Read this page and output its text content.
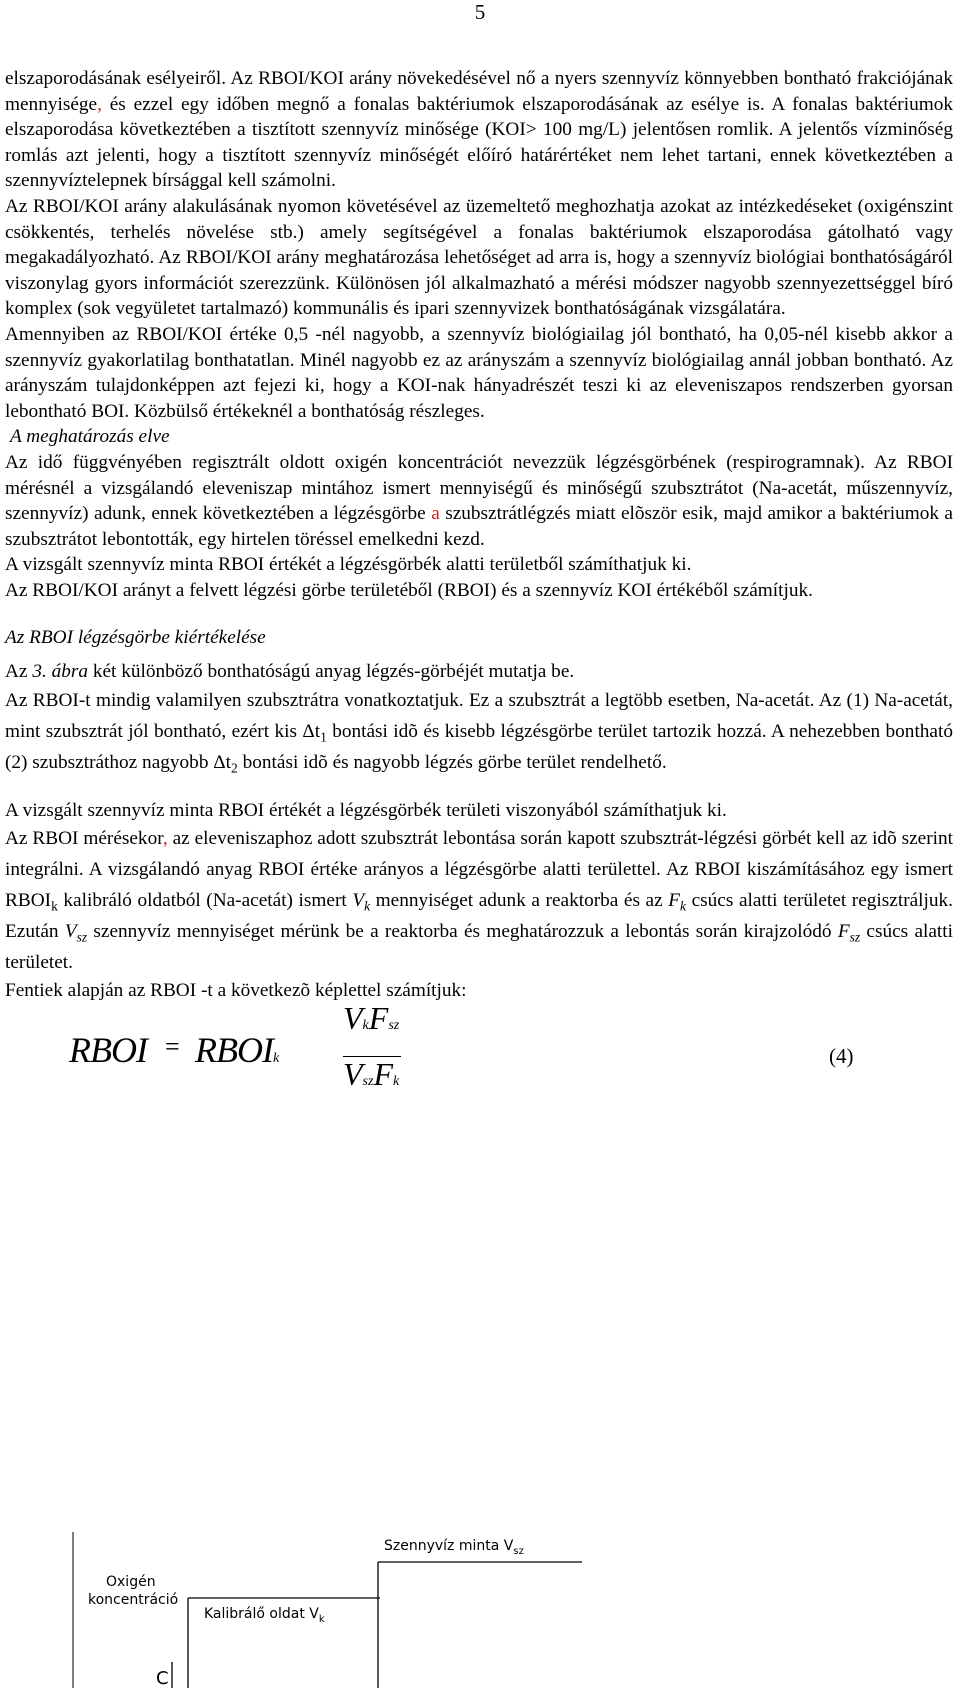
5

elszaporodásának esélyeiről. Az RBOI/KOI arány növekedésével nő a nyers szennyvíz könnyebben bontható frakciójának mennyisége, és ezzel egy időben megnő a fonalas baktériumok elszaporodásának az esélye is. A fonalas baktériumok elszaporodása következtében a tisztított szennyvíz minősége (KOI> 100 mg/L) jelentősen romlik. A jelentős vízminőség romlás azt jelenti, hogy a tisztított szennyvíz minőségét előíró határértéket nem lehet tartani, ennek következtében a szennyvíztelepnek bírsággal kell számolni.

Az RBOI/KOI arány alakulásának nyomon követésével az üzemeltető meghozhatja azokat az intézkedéseket (oxigénszint csökkentés, terhelés növelése stb.) amely segítségével a fonalas baktériumok elszaporodása gátolható vagy megakadályozható. Az RBOI/KOI arány meghatározása lehetőséget ad arra is, hogy a szennyvíz biológiai bonthatóságáról viszonylag gyors információt szerezzünk. Különösen jól alkalmazható a mérési módszer nagyobb szennyezettséggel bíró komplex (sok vegyületet tartalmazó) kommunális és ipari szennyvizek bonthatóságának vizsgálatára.

Amennyiben az RBOI/KOI értéke 0,5 -nél nagyobb, a szennyvíz biológiailag jól bontható, ha 0,05-nél kisebb akkor a szennyvíz gyakorlatilag bonthatatlan. Minél nagyobb ez az arányszám a szennyvíz biológiailag annál jobban bontható. Az arányszám tulajdonképpen azt fejezi ki, hogy a KOI-nak hányadrészét teszi ki az eleveniszapos rendszerben gyorsan lebontható BOI. Közbülső értékeknél a bonthatóság részleges.

A meghatározás elve

Az idő függvényében regisztrált oldott oxigén koncentrációt nevezzük légzésgörbének (respirogramnak). Az RBOI mérésnél a vizsgálandó eleveniszap mintához ismert mennyiségű és minőségű szubsztrátot (Na-acetát, műszennyvíz, szennyvíz) adunk, ennek következtében a légzésgörbe a szubsztrátlégzés miatt elõször esik, majd amikor a baktériumok a szubsztrátot lebontották, egy hirtelen töréssel emelkedni kezd.

A vizsgált szennyvíz minta RBOI értékét a légzésgörbék alatti területből számíthatjuk ki.

Az RBOI/KOI arányt a felvett légzési görbe területéből (RBOI) és a szennyvíz KOI értékéből számítjuk.

Az RBOI légzésgörbe kiértékelése

Az 3. ábra két különböző bonthatóságú anyag légzés-görbéjét mutatja be.

Az RBOI-t mindig valamilyen szubsztrátra vonatkoztatjuk. Ez a szubsztrát a legtöbb esetben, Na-acetát. Az (1) Na-acetát, mint szubsztrát jól bontható, ezért kis $\Delta t_1$ bontási idõ és kisebb légzésgörbe terület tartozik hozzá. A nehezebben bontható (2) szubsztráthoz nagyobb $\Delta t_2$ bontási idõ és nagyobb légzés görbe terület rendelhető.

A vizsgált szennyvíz minta RBOI értékét a légzésgörbék területi viszonyából számíthatjuk ki.

Az RBOI mérésekor, az eleveniszaphoz adott szubsztrát lebontása során kapott szubsztrát-légzési görbét kell az idõ szerint integrálni. A vizsgálandó anyag RBOI értéke arányos a légzésgörbe alatti területtel. Az RBOI kiszámításához egy ismert $RBOI_k$ kalibráló oldatból (Na-acetát) ismert $V_k$ mennyiséget adunk a reaktorba és az $F_k$ csúcs alatti területet regisztráljuk. Ezután $V_{sz}$ szennyvíz mennyiséget mérünk be a reaktorba és meghatározzuk a lebontás során kirajzolódó $F_{sz}$ csúcs alatti területet.

Fentiek alapján az RBOI -t a következõ képlettel számítjuk:

RBOI = RBOIk
VkFsz
VszFk
(4)
Oxigén
koncentráció
Szennyvíz minta $V_{sz}$
Kalibrálő oldat $V_k$
C
